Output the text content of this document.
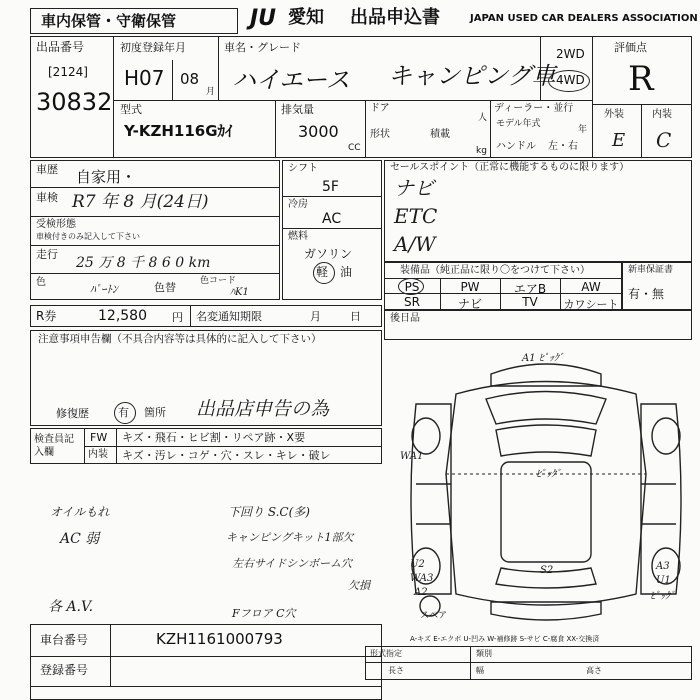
車内保管・守衛保管	JU 愛知 出品申込書	JAPAN USED CAR DEALERS ASSOCIATION
出品番号
[2124]
30832
初度登録年月
H07 08
月
車名・グレード
ハイエース キャンピング車
2WD
4WD
評価点
R
型式
Y-KZH116Gｶｲ
排気量
3000
CC
ドア
人
形状	積載
kg
ディーラー・並行
モデル年式
年
ハンドル 左・右
外装	内装
E C
車歴 自家用・
車検 R7 年 8 月(24日)
受検形態
車検付きのみ記入して下さい
走行
25 万 8 千 8 6 0 km
色
ﾊﾟｰﾄﾝ	色替	色コード
ﾊK1
シフト
5F
冷房
AC
燃料
ガソリン
軽 油
セールスポイント（正常に機能するものに限ります）
ナビ
ETC
A/W
装備品（純正品に限り〇をつけて下さい）
PS	PW	エアB	AW
SR	ナビ	TV	カワシート
新車保証書
有・無
後日品
R券	12,580 円 名変通知期限	月	日
注意事項申告欄（不具合内容等は具体的に記入して下さい）
修復歴	有 箇所 出品店申告の為
検査員記入欄
FW キズ・飛石・ヒビ割・リペア跡・X要
内装 キズ・汚レ・コゲ・穴・スレ・キレ・破レ
オイルもれ
AC 弱
各 A.V.
下回り S.C(多)
キャンピングキット1部欠
左右サイドシンボーム穴
欠損
Fフロア C穴
車台番号	KZH1161000793
登録番号
A-キズ E-エクボ U-凹み W-補修跡 S-サビ C-腐食 XX-交換済
形式指定	類別
長さ	幅	高さ
A1 ﾋﾟｯｸﾞ
ﾋﾟｯｸﾞ
WA1
S2	A3
U1
ﾋﾟｯｸﾞ
U2
WA3
A2
スペア
